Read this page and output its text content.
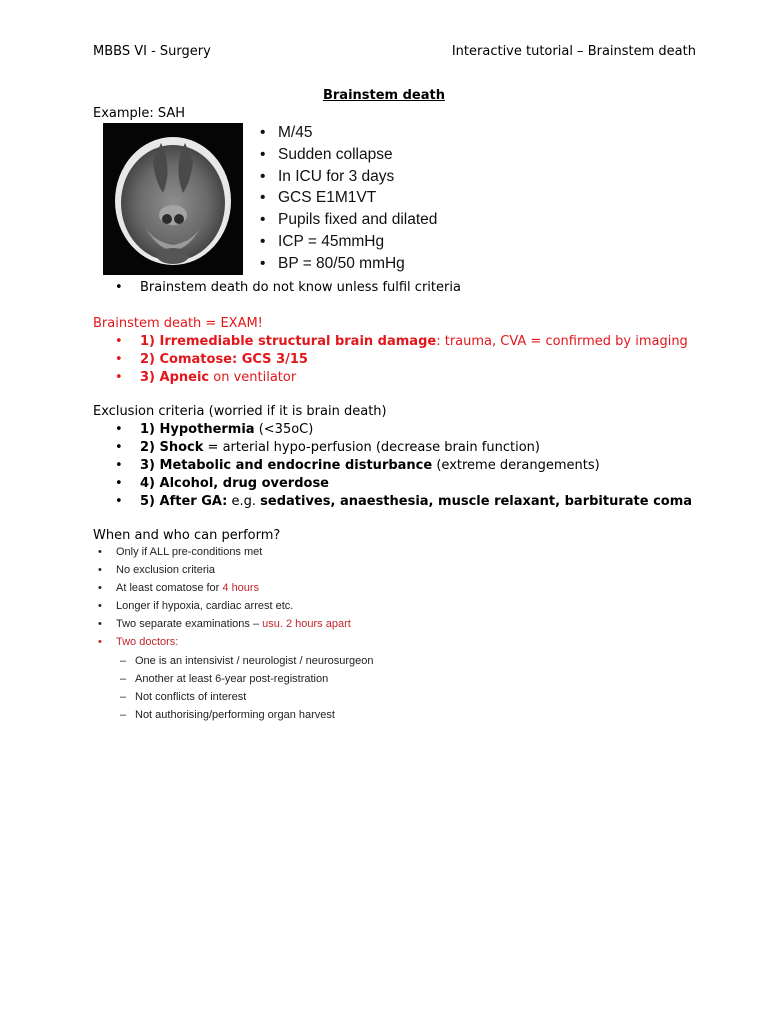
MBBS VI - Surgery	Interactive tutorial – Brainstem death
Brainstem death
Example: SAH
• M/45
• Sudden collapse
• In ICU for 3 days
• GCS E1M1VT
• Pupils fixed and dilated
• ICP = 45mmHg
• BP = 80/50 mmHg
• Brainstem death do not know unless fulfil criteria
Brainstem death = EXAM!
• 1) Irremediable structural brain damage: trauma, CVA = confirmed by imaging
• 2) Comatose: GCS 3/15
• 3) Apneic on ventilator
Exclusion criteria (worried if it is brain death)
• 1) Hypothermia (<35oC)
• 2) Shock = arterial hypo-perfusion (decrease brain function)
• 3) Metabolic and endocrine disturbance (extreme derangements)
• 4) Alcohol, drug overdose
• 5) After GA: e.g. sedatives, anaesthesia, muscle relaxant, barbiturate coma
When and who can perform?
• Only if ALL pre-conditions met
• No exclusion criteria
• At least comatose for 4 hours
• Longer if hypoxia, cardiac arrest etc.
• Two separate examinations – usu. 2 hours apart
• Two doctors:
– One is an intensivist / neurologist / neurosurgeon
– Another at least 6-year post-registration
– Not conflicts of interest
– Not authorising/performing organ harvest
